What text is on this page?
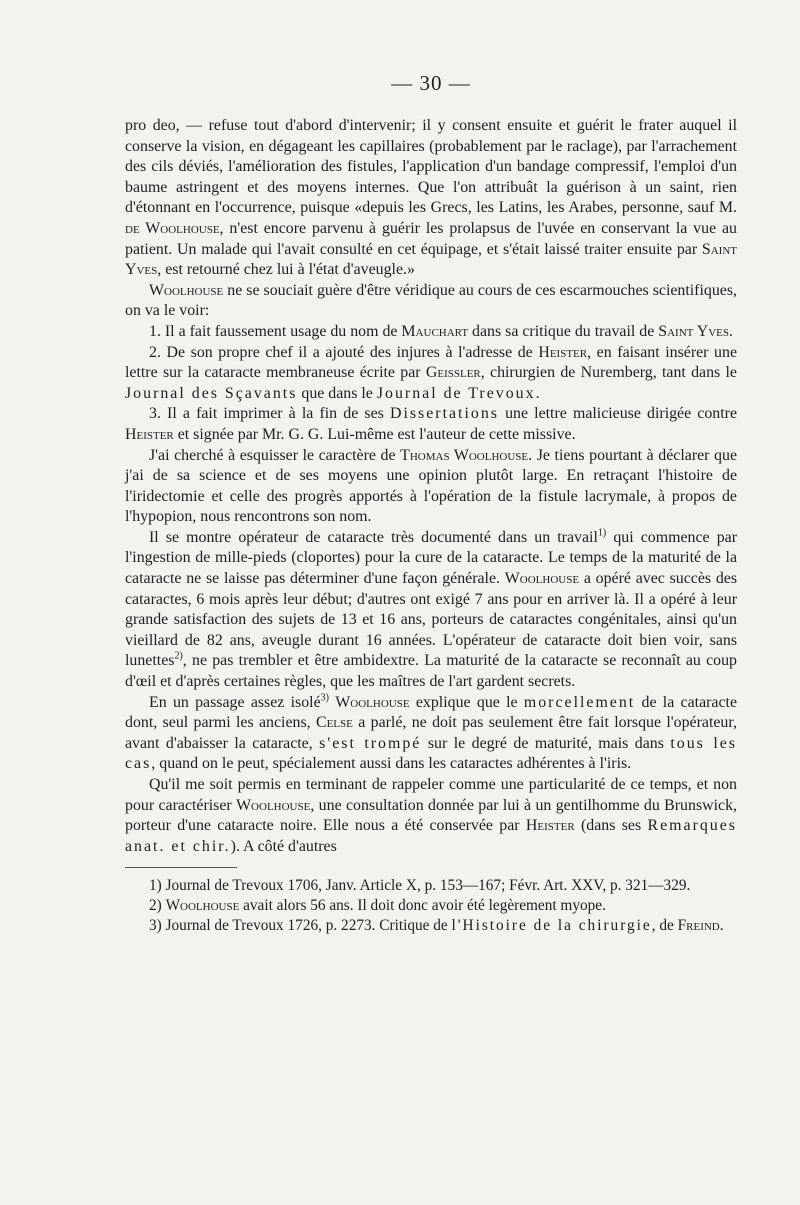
— 30 —

pro deo, — refuse tout d'abord d'intervenir; il y consent ensuite et guérit le frater auquel il conserve la vision, en dégageant les capillaires (probablement par le raclage), par l'arrachement des cils déviés, l'amélioration des fistules, l'application d'un bandage compressif, l'emploi d'un baume astringent et des moyens internes. Que l'on attribuât la guérison à un saint, rien d'étonnant en l'occurrence, puisque «depuis les Grecs, les Latins, les Arabes, personne, sauf M. de Woolhouse, n'est encore parvenu à guérir les prolapsus de l'uvée en conservant la vue au patient. Un malade qui l'avait consulté en cet équipage, et s'était laissé traiter ensuite par Saint Yves, est retourné chez lui à l'état d'aveugle.»

Woolhouse ne se souciait guère d'être véridique au cours de ces escarmouches scientifiques, on va le voir:

1. Il a fait faussement usage du nom de Mauchart dans sa critique du travail de Saint Yves.

2. De son propre chef il a ajouté des injures à l'adresse de Heister, en faisant insérer une lettre sur la cataracte membraneuse écrite par Geissler, chirurgien de Nuremberg, tant dans le Journal des Sçavants que dans le Journal de Trevoux.

3. Il a fait imprimer à la fin de ses Dissertations une lettre malicieuse dirigée contre Heister et signée par Mr. G. G. Lui-même est l'auteur de cette missive.

J'ai cherché à esquisser le caractère de Thomas Woolhouse. Je tiens pourtant à déclarer que j'ai de sa science et de ses moyens une opinion plutôt large. En retraçant l'histoire de l'iridectomie et celle des progrès apportés à l'opération de la fistule lacrymale, à propos de l'hypopion, nous rencontrons son nom.

Il se montre opérateur de cataracte très documenté dans un travail$^{1)}$ qui commence par l'ingestion de mille-pieds (cloportes) pour la cure de la cataracte. Le temps de la maturité de la cataracte ne se laisse pas déterminer d'une façon générale. Woolhouse a opéré avec succès des cataractes, 6 mois après leur début; d'autres ont exigé 7 ans pour en arriver là. Il a opéré à leur grande satisfaction des sujets de 13 et 16 ans, porteurs de cataractes congénitales, ainsi qu'un vieillard de 82 ans, aveugle durant 16 années. L'opérateur de cataracte doit bien voir, sans lunettes$^{2)}$, ne pas trembler et être ambidextre. La maturité de la cataracte se reconnaît au coup d'œil et d'après certaines règles, que les maîtres de l'art gardent secrets.

En un passage assez isolé$^{3)}$ Woolhouse explique que le morcellement de la cataracte dont, seul parmi les anciens, Celse a parlé, ne doit pas seulement être fait lorsque l'opérateur, avant d'abaisser la cataracte, s'est trompé sur le degré de maturité, mais dans tous les cas, quand on le peut, spécialement aussi dans les cataractes adhérentes à l'iris.

Qu'il me soit permis en terminant de rappeler comme une particularité de ce temps, et non pour caractériser Woolhouse, une consultation donnée par lui à un gentilhomme du Brunswick, porteur d'une cataracte noire. Elle nous a été conservée par Heister (dans ses Remarques anat. et chir.). A côté d'autres

1) Journal de Trevoux 1706, Janv. Article X, p. 153—167; Févr. Art. XXV, p. 321—329.

2) Woolhouse avait alors 56 ans. Il doit donc avoir été legèrement myope.

3) Journal de Trevoux 1726, p. 2273. Critique de l'Histoire de la chirurgie, de Freind.
